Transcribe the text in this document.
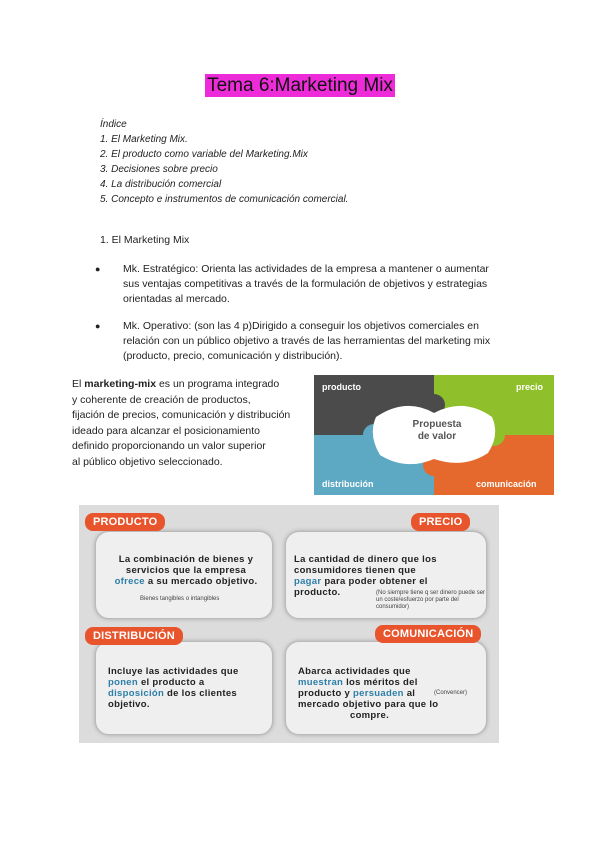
Tema 6:Marketing Mix
Índice
1. El Marketing Mix.
2. El producto como variable del Marketing.Mix
3. Decisiones sobre precio
4. La distribución comercial
5. Concepto e instrumentos de comunicación comercial.
1. El Marketing Mix
● Mk. Estratégico: Orienta las actividades de la empresa a mantener o aumentar sus ventajas competitivas a través de la formulación de objetivos y estrategias orientadas al mercado.
● Mk. Operativo: (son las 4 p)Dirigido a conseguir los objetivos comerciales en relación con un público objetivo a través de las herramientas del marketing mix (producto, precio, comunicación y distribución).
El marketing-mix es un programa integrado
y coherente de creación de productos,
fijación de precios, comunicación y distribución
ideado para alcanzar el posicionamiento
definido proporcionando un valor superior
al público objetivo seleccionado.
producto	precio
distribución	comunicación
Propuesta
de valor
La combinación de bienes y
servicios que la empresa
ofrece a su mercado objetivo.
Bienes tangibles o intangibles
PRODUCTO
La cantidad de dinero que los
consumidores tienen que
pagar para poder obtener el
producto.	(No siempre tiene q ser dinero puede ser un coste/esfuerzo por parte del consumidor)
PRECIO
Incluye las actividades que
ponen el producto a
disposición de los clientes
objetivo.
DISTRIBUCIÓN
Abarca actividades que
muestran los méritos del
producto y persuaden al
mercado objetivo para que lo
compre.
(Convencer)
COMUNICACIÓN
